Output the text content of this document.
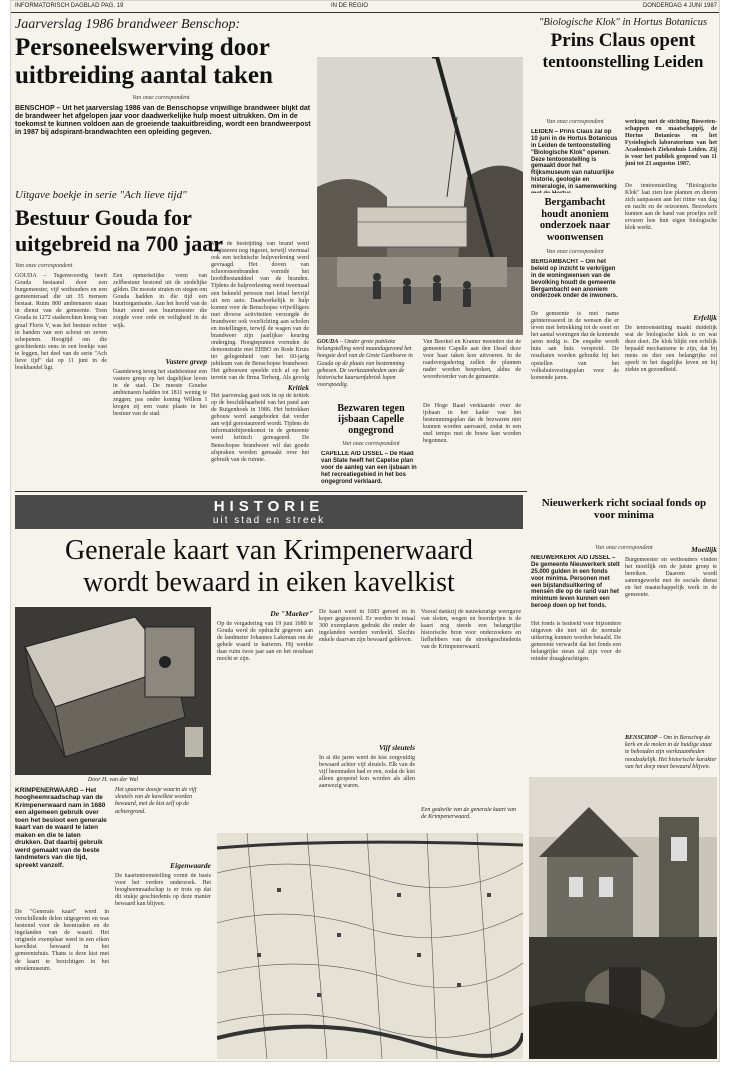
INFORMATORISCH DAGBLAD PAG. 19	IN DE REGIO	DONDERDAG 4 JUNI 1987
Jaarverslag 1986 brandweer Benschop:
Personeelswerving door
uitbreiding aantal taken
Van onze correspondent
BENSCHOP – Uit het jaarverslag 1986 van de Benschopse vrijwillige brandweer blijkt dat de brandweer het afgelopen jaar voor daadwerkelijke hulp moest uitrukken. Om in de toekomst te kunnen voldoen aan de groeiende taakuitbreiding, wordt een brandweerpost in 1987 bij adspirant-brandwachten een opleiding gegeven.
Voor de bestrijding van brand werd eergisteren nog ingezet, terwijl viermaal ook een technische hulpverlening werd gevraagd. Het doven van schoorsteenbranden vormde het hoofdbestanddeel van de branden. Tijdens de hulpverlening werd tweemaal een bekneld persoon met letsel bevrijd uit een auto. Daadwerkelijk te hulp komen voor de Benschopse vrijwilligers met diverse activiteiten verzorgde de brandweer ook voorlichting aan scholen en instellingen, terwijl de wagen van de brandweer zijn jaarlijkse keuring onderging. Hoogtepunten vormden de demonstratie met EHBO en Rode Kruis ter gelegenheid van het 60-jarig jubileum van de Benschopse brandweer. Het gebouwen speelde zich af op het terrein van de firma Terberg. Als gevolg
Kritiek
Het jaarverslag gaat ook in op de kritiek op de beschikbaarheid van het pand aan de Ruigenhoek in 1986. Het betrokken gebouw werd aangeboden dat verder aan wijd gerestaureerd wordt. Tijdens de informatiebijeenkomst in de gemeente werd kritisch gereageerd. De Benschopse brandweer wil dat goede afspraken worden gemaakt over het gebruik van de ruimte.
Uitgave boekje in serie "Ach lieve tijd"
Bestuur Gouda for
uitgebreid na 700 jaar
Van onze correspondent
GOUDA – Tegenwoordig heeft Gouda bestaand door een burgemeester, vijf wethouders en een gemeenteraad die uit 35 mensen bestaat. Ruim 800 ambtenaren staan in dienst van de gemeente. Toen Gouda in 1272 stadsrechten kreeg van graaf Floris V, was het bestuur echter in handen van een schout en zeven schepenen. Hoogtijd om die geschiedenis eens in een boekje vast te leggen, het deel van de serie "Ach lieve tijd" dat op 11 juni in de boekhandel ligt.
Een opmerkelijke vorm van zelfbestuur bestond uit de stedelijke gilden. De meeste straten en stegen om Gouda hadden in die tijd een buurtorganisatie. Aan het hoofd van de buurt stond een buurtmeester die zorgde voor orde en veiligheid in de wijk.
Vastere greep
Gaandeweg kreeg het stadsbestuur een vastere greep op het dagelijkse leven in de stad. De meeste Goudse ambtenaren hadden tot 1811 weinig te zeggen; pas onder koning Willem I kregen zij een vaste plaats in het bestuur van de stad.
GOUDA – Onder grote publieke belangstelling werd maandagavond het hoogste deel van de Grote Gasthoeve in Gouda op de plaats van bestemming gehesen. De werkzaamheden aan de historische kaarsenfabriek lopen voorspoedig.
Van Beerkel en Kramer meenden dat de gemeente Capelle aan den IJssel deze voor haar taken kon uitvoeren. In de raadsvergadering zullen de plannen nader worden besproken, aldus de woordvoerder van de gemeente.
Bezwaren tegen ijsbaan Capelle ongegrond
Van onze correspondent
CAPELLE A/D IJSSEL – De Raad van State heeft het Capelse plan voor de aanleg van een ijsbaan in het recreatiegebied in het bos ongegrond verklaard.
De Hoge Raad verklaarde over de ijsbaan in het kader van het bestemmingsplan dat de bezwaren niet kunnen worden aanvaard, zodat in een snel tempo met de bouw kan worden begonnen.
"Biologische Klok" in Hortus Botanicus
Prins Claus opent
tentoonstelling Leiden
Van onze correspondent
LEIDEN – Prins Claus zal op 10 juni in de Hortus Botanicus in Leiden de tentoonstelling "Biologische Klok" openen. Deze tentoonstelling is gemaakt door het Rijksmuseum van natuurlijke historie, geologie en mineralogie, in samenwerking
werking met de stichting Bioweten-schappen en maatschappij, de Hortus Botanicus en het Fysiologisch laboratorium van het Academisch Ziekenhuis Leiden. Zij is voor het publiek geopend van 11 juni tot 23 augustus 1987.
De tentoonstelling "Biologische Klok" laat zien hoe planten en dieren zich aanpassen aan het ritme van dag en nacht en de seizoenen. Bezoekers kunnen aan de hand van proefjes zelf ervaren hoe hun eigen biologische klok werkt.
Erfelijk
De tentoonstelling maakt duidelijk wat de biologische klok is en wat deze doet. De klok blijkt een erfelijk bepaald mechanisme te zijn, dat bij mens en dier een belangrijke rol speelt in het dagelijks leven en bij ziekte en gezondheid.
Bergambacht houdt anoniem onderzoek naar woonwensen
Van onze correspondent
BERGAMBACHT – Om het beleid op inzicht te verkrijgen in de woningwensen van de bevolking houdt de gemeente Bergambacht een anoniem onderzoek onder de inwoners.
De gemeente is met name geïnteresseerd in de wensen die er leven met betrekking tot de soort en het aantal woningen dat de komende jaren nodig is. De enquête wordt huis aan huis verspreid. De resultaten worden gebruikt bij het opstellen van het volkshuisvestingsplan voor de komende jaren.
HISTORIE
uit stad en streek
Nieuwerkerk richt sociaal fonds op voor minima
Van onze correspondent
NIEUWERKERK A/D IJSSEL – De gemeente Nieuwerkerk stelt 25.000 gulden in een fonds voor minima. Personen met een bijstandsuitkering of mensen die op de rand van het minimum leven kunnen een beroep doen op het fonds.
Het fonds is bedoeld voor bijzondere uitgaven die niet uit de normale uitkering kunnen worden betaald. De gemeente verwacht dat het fonds een belangrijke steun zal zijn voor de minder draagkrachtigen.
Moeilijk
Burgemeester en wethouders vinden het moeilijk om de juiste groep te bereiken. Daarom wordt samengewerkt met de sociale dienst en het maatschappelijk werk in de gemeente.
Generale kaart van Krimpenerwaard
wordt bewaard in eiken kavelkist
Door H. van der Wal
KRIMPENERWAARD – Het hoogheemraadschap van de Krimpenerwaard nam in 1680 een algemeen gebruik over toen het besloot een generale kaart van de waard te laten maken en die te laten drukken. Dat daarbij gebruik werd gemaakt van de beste landmeters van die tijd, spreekt vanzelf.
De "Generale kaart" werd in verschillende delen uitgegeven en was bestemd voor de heemraden en de ingelanden van de waard. Het originele exemplaar werd in een eiken kavelkist bewaard in het gemeentehuis. Thans is deze kist met de kaart te bezichtigen in het streekmuseum.
Het spaarne doosje waarin de vijf sleutels van de kavelkist worden bewaard, met de kist zelf op de achtergrond.
Eigenwaarde
De kaartentoonstelling vormt de basis voor het verdere onderzoek. Het hoogheemraadschap is er trots op dat dit stukje geschiedenis op deze manier bewaard kan blijven.
De "Maeker"
Op de vergadering van 19 juni 1680 te Gouda werd de opdracht gegeven aan de landmeter Johannes Lakeman om de gehele waard te karteren. Hij werkte daar ruim twee jaar aan en het resultaat mocht er zijn.
De kaart werd in 1683 gereed en in koper gegraveerd. Er werden in totaal 300 exemplaren gedrukt die onder de ingelanden werden verdeeld. Slechts enkele daarvan zijn bewaard gebleven.
Vijf sleutels
In al die jaren werd de kist zorgvuldig bewaard achter vijf sleutels. Elk van de vijf heemraden had er een, zodat de kist alleen geopend kon worden als allen aanwezig waren.
Vooral dankzij de nauwkeurige weergave van sloten, wegen en boerderijen is de kaart nog steeds een belangrijke historische bron voor onderzoekers en liefhebbers van de streekgeschiedenis van de Krimpenerwaard.
Een gedeelte van de generale kaart van de Krimpenerwaard.
BENSCHOP – Om in Benschop de kerk en de molen in de huidige staat te behouden zijn werkzaamheden noodzakelijk. Het historische karakter van het dorp moet bewaard blijven.
